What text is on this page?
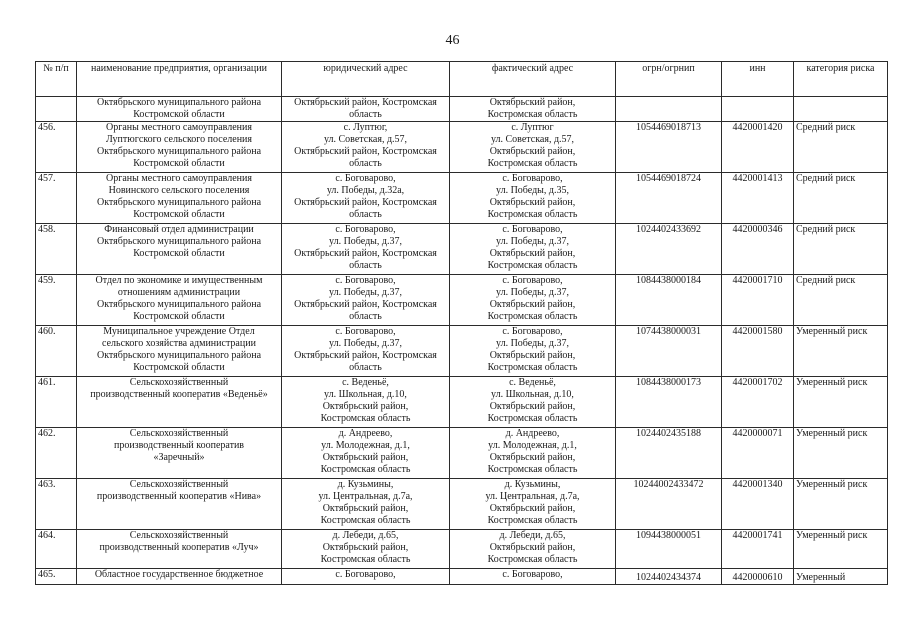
46
№ п/п	наименование предприятия, организации	юридический адрес	фактический адрес	огрн/огрнип	инн	категория риска

	Октябрьского муниципального района
Костромской области	Октябрьский район, Костромская
область	Октябрьский район,
Костромская область			

456.	Органы местного самоуправления
Луптюгского сельского поселения
Октябрьского муниципального района
Костромской области	с. Луптюг,
ул. Советская, д.57,
Октябрьский район, Костромская
область	с. Луптюг
ул. Советская, д.57,
Октябрьский район,
Костромская область	1054469018713	4420001420	Средний риск
457.	Органы местного самоуправления
Новинского сельского поселения
Октябрьского муниципального района
Костромской области	с. Боговарово,
ул. Победы, д.32а,
Октябрьский район, Костромская
область	с. Боговарово,
ул. Победы, д.35,
Октябрьский район,
Костромская область	1054469018724	4420001413	Средний риск
458.	Финансовый отдел администрации
Октябрьского муниципального района
Костромской области	с. Боговарово,
ул. Победы, д.37,
Октябрьский район, Костромская
область	с. Боговарово,
ул. Победы, д.37,
Октябрьский район,
Костромская область	1024402433692	4420000346	Средний риск
459.	Отдел по экономике и имущественным
отношениям администрации
Октябрьского муниципального района
Костромской области	с. Боговарово,
ул. Победы, д.37,
Октябрьский район, Костромская
область	с. Боговарово,
ул. Победы, д.37,
Октябрьский район,
Костромская область	1084438000184	4420001710	Средний риск
460.	Муниципальное учреждение Отдел
сельского хозяйства администрации
Октябрьского муниципального района
Костромской области	с. Боговарово,
ул. Победы, д.37,
Октябрьский район, Костромская
область	с. Боговарово,
ул. Победы, д.37,
Октябрьский район,
Костромская область	1074438000031	4420001580	Умеренный риск
461.	Сельскохозяйственный
производственный кооператив «Веденьё»	с. Веденьё,
ул. Школьная, д.10,
Октябрьский район,
Костромская область	с. Веденьё,
ул. Школьная, д.10,
Октябрьский район,
Костромская область	1084438000173	4420001702	Умеренный риск
462.	Сельскохозяйственный
производственный кооператив
«Заречный»	д. Андреево,
ул. Молодежная, д.1,
Октябрьский район,
Костромская область	д. Андреево,
ул. Молодежная, д.1,
Октябрьский район,
Костромская область	1024402435188	4420000071	Умеренный риск
463.	Сельскохозяйственный
производственный кооператив «Нива»	д. Кузьмины,
ул. Центральная, д.7а,
Октябрьский район,
Костромская область	д. Кузьмины,
ул. Центральная, д.7а,
Октябрьский район,
Костромская область	10244002433472	4420001340	Умеренный риск
464.	Сельскохозяйственный
производственный кооператив «Луч»	д. Лебеди, д.65,
Октябрьский район,
Костромская область	д. Лебеди, д.65,
Октябрьский район,
Костромская область	1094438000051	4420001741	Умеренный риск
465.	Областное государственное бюджетное	с. Боговарово,	с. Боговарово,	1024402434374	4420000610	Умеренный
